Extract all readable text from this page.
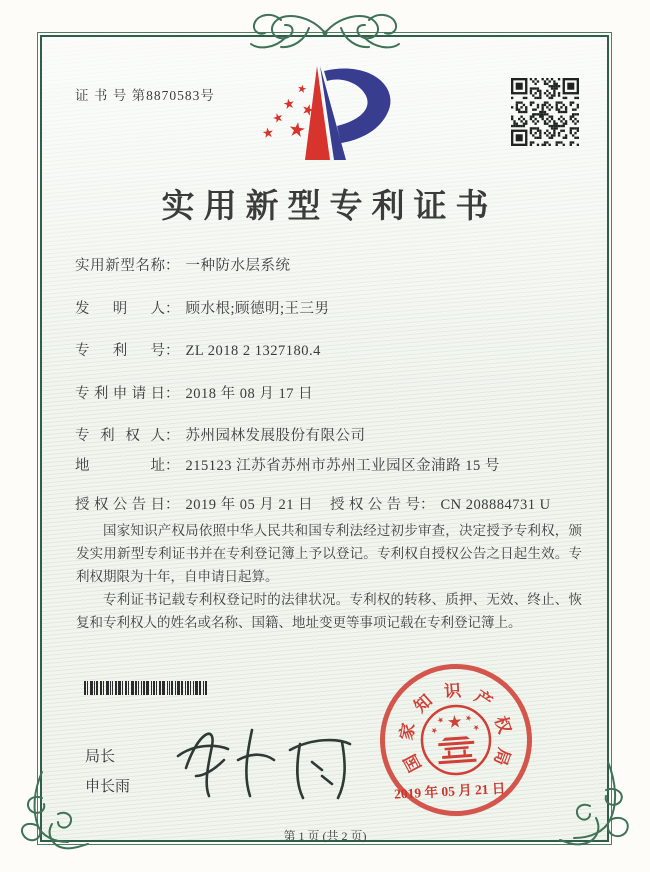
证 书 号 第8870583号
实用新型专利证书
实用新型名称： 一种防水层系统
发明人： 顾水根;顾德明;王三男
专利号： ZL 2018 2 1327180.4
专利申请日： 2018 年 08 月 17 日
专利权人： 苏州园林发展股份有限公司
地址： 215123 江苏省苏州市苏州工业园区金浦路 15 号
授权公告日： 2019 年 05 月 21 日 授权公告号： CN 208884731 U

国家知识产权局依照中华人民共和国专利法经过初步审查，决定授予专利权，颁发实用新型专利证书并在专利登记簿上予以登记。专利权自授权公告之日起生效。专利权期限为十年，自申请日起算。

专利证书记载专利权登记时的法律状况。专利权的转移、质押、无效、终止、恢复和专利权人的姓名或名称、国籍、地址变更等事项记载在专利登记簿上。

局长
申长雨
国
家
知 识 产
权
局
2019 年 05 月 21 日
第 1 页 (共 2 页)
